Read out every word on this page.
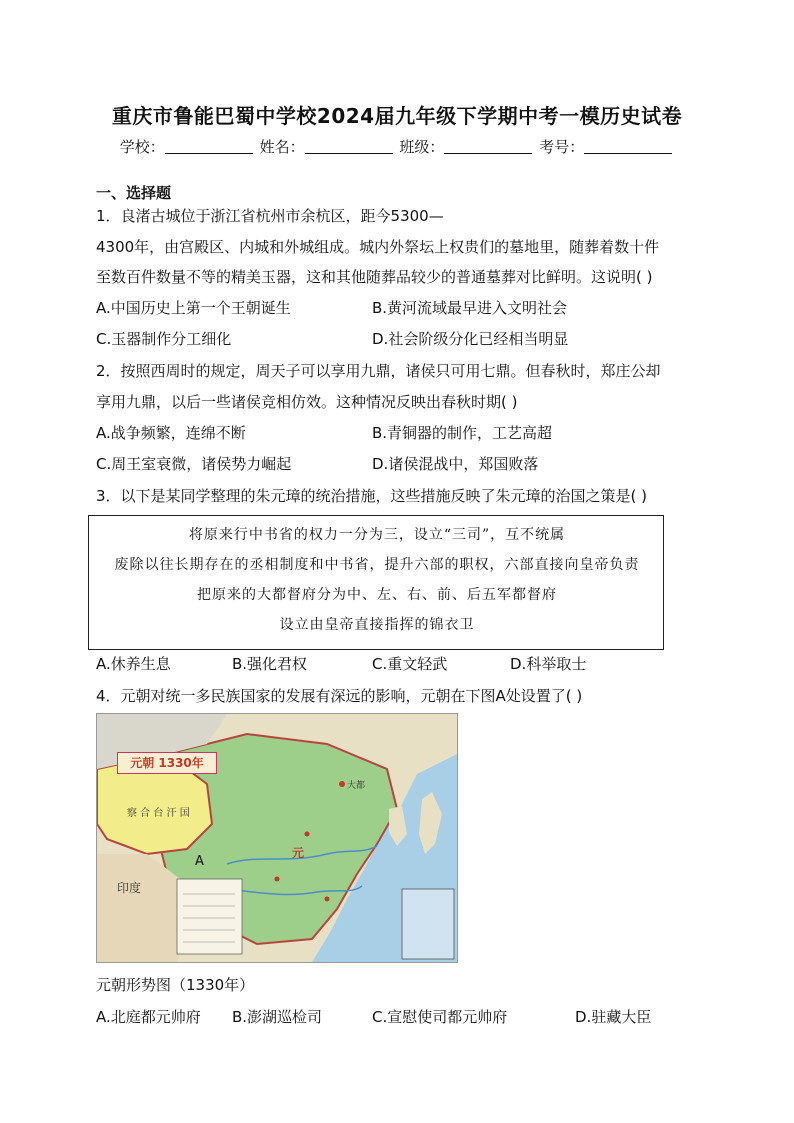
重庆市鲁能巴蜀中学校2024届九年级下学期中考一模历史试卷
学校：	姓名：	班级：	考号：
一、选择题
1．良渚古城位于浙江省杭州市余杭区，距今5300—
4300年，由宫殿区、内城和外城组成。城内外祭坛上权贵们的墓地里，随葬着数十件
至数百件数量不等的精美玉器，这和其他随葬品较少的普通墓葬对比鲜明。这说明( )
A.中国历史上第一个王朝诞生	B.黄河流域最早进入文明社会
C.玉器制作分工细化	D.社会阶级分化已经相当明显
2．按照西周时的规定，周天子可以享用九鼎，诸侯只可用七鼎。但春秋时，郑庄公却
享用九鼎，以后一些诸侯竞相仿效。这种情况反映出春秋时期( )
A.战争频繁，连绵不断	B.青铜器的制作，工艺高超
C.周王室衰微，诸侯势力崛起	D.诸侯混战中，郑国败落
3．以下是某同学整理的朱元璋的统治措施，这些措施反映了朱元璋的治国之策是( )
将原来行中书省的权力一分为三，设立“三司”，互不统属
废除以往长期存在的丞相制度和中书省，提升六部的职权，六部直接向皇帝负责
把原来的大都督府分为中、左、右、前、后五军都督府
设立由皇帝直接指挥的锦衣卫
A.休养生息	B.强化君权	C.重文轻武	D.科举取士
4．元朝对统一多民族国家的发展有深远的影响，元朝在下图A处设置了( )
元朝 1330年
察 合 台 汗 国
A
元
大都
印度
元朝形势图（1330年）
A.北庭都元帅府 B.澎湖巡检司	C.宣慰使司都元帅府	D.驻藏大臣
